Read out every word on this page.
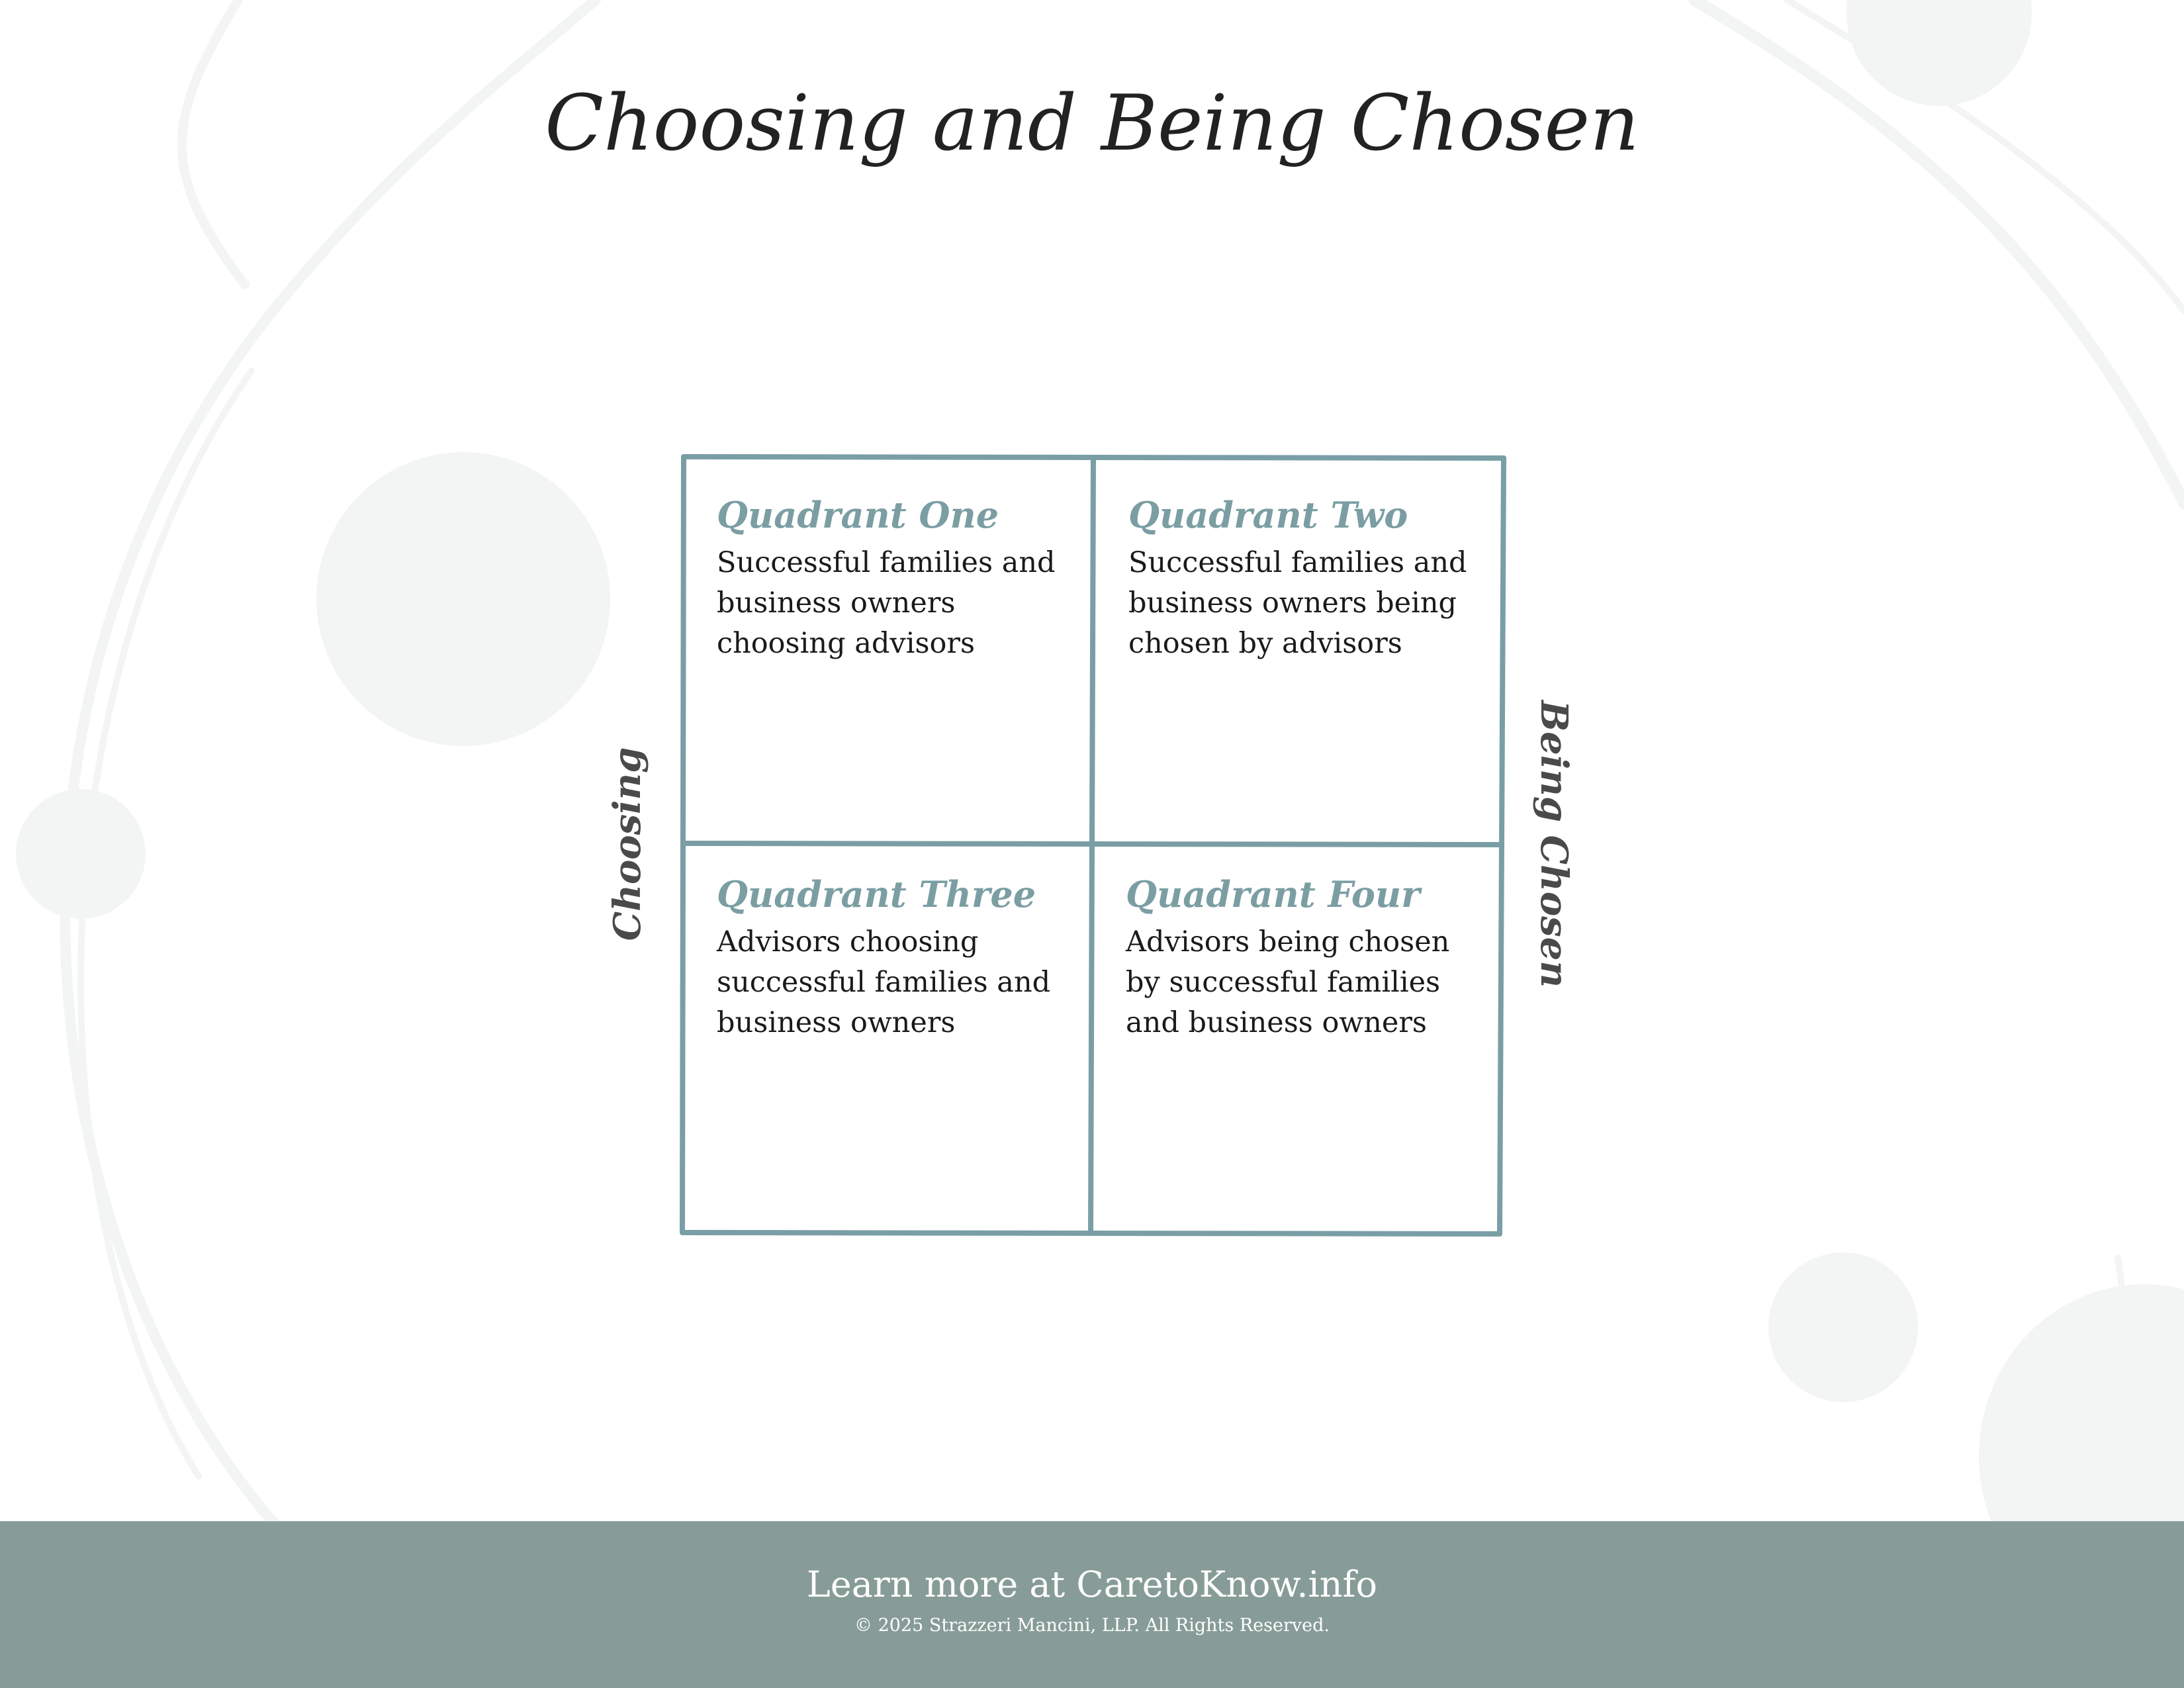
Choosing and Being Chosen
Choosing	Being Chosen
Quadrant One
Successful families and
business owners
choosing advisors
Quadrant Two
Successful families and
business owners being
chosen by advisors
Quadrant Three
Advisors choosing
successful families and
business owners
Quadrant Four
Advisors being chosen
by successful families
and business owners
Learn more at CaretoKnow.info
© 2025 Strazzeri Mancini, LLP. All Rights Reserved.
